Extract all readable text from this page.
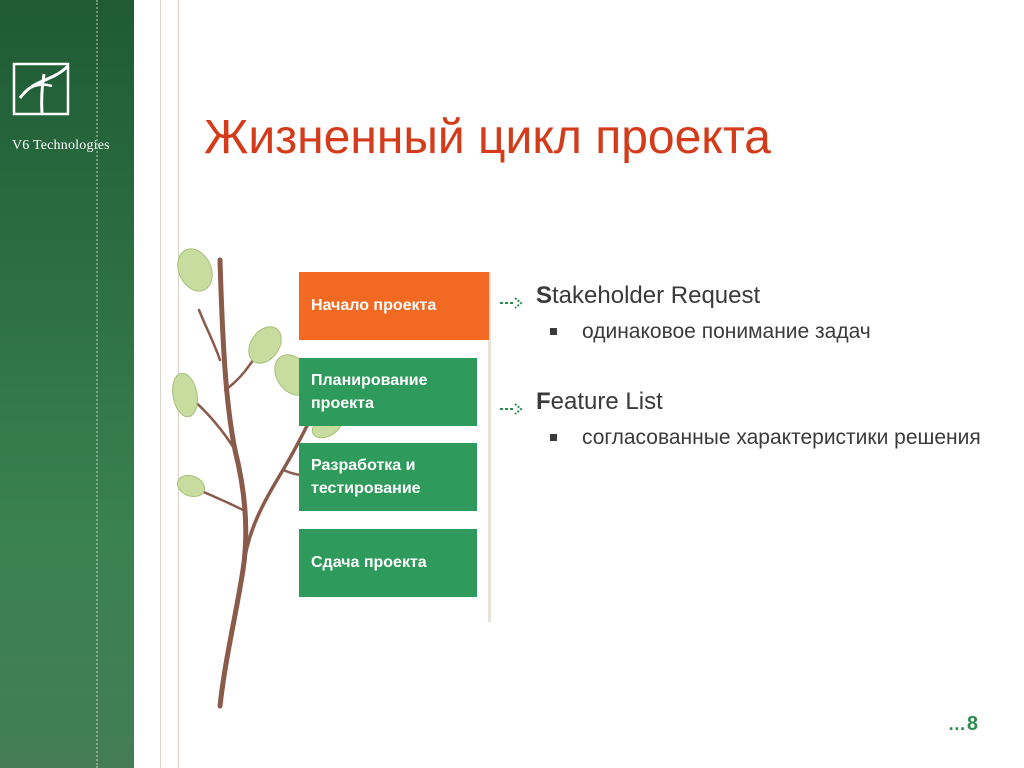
V6 Technologies Жизненный цикл проекта
Начало проекта
Планирование проекта
Разработка и тестирование
Сдача проекта
S takeholder Request
одинаковое понимание задач
F eature List
согласованные характеристики решения
…8
